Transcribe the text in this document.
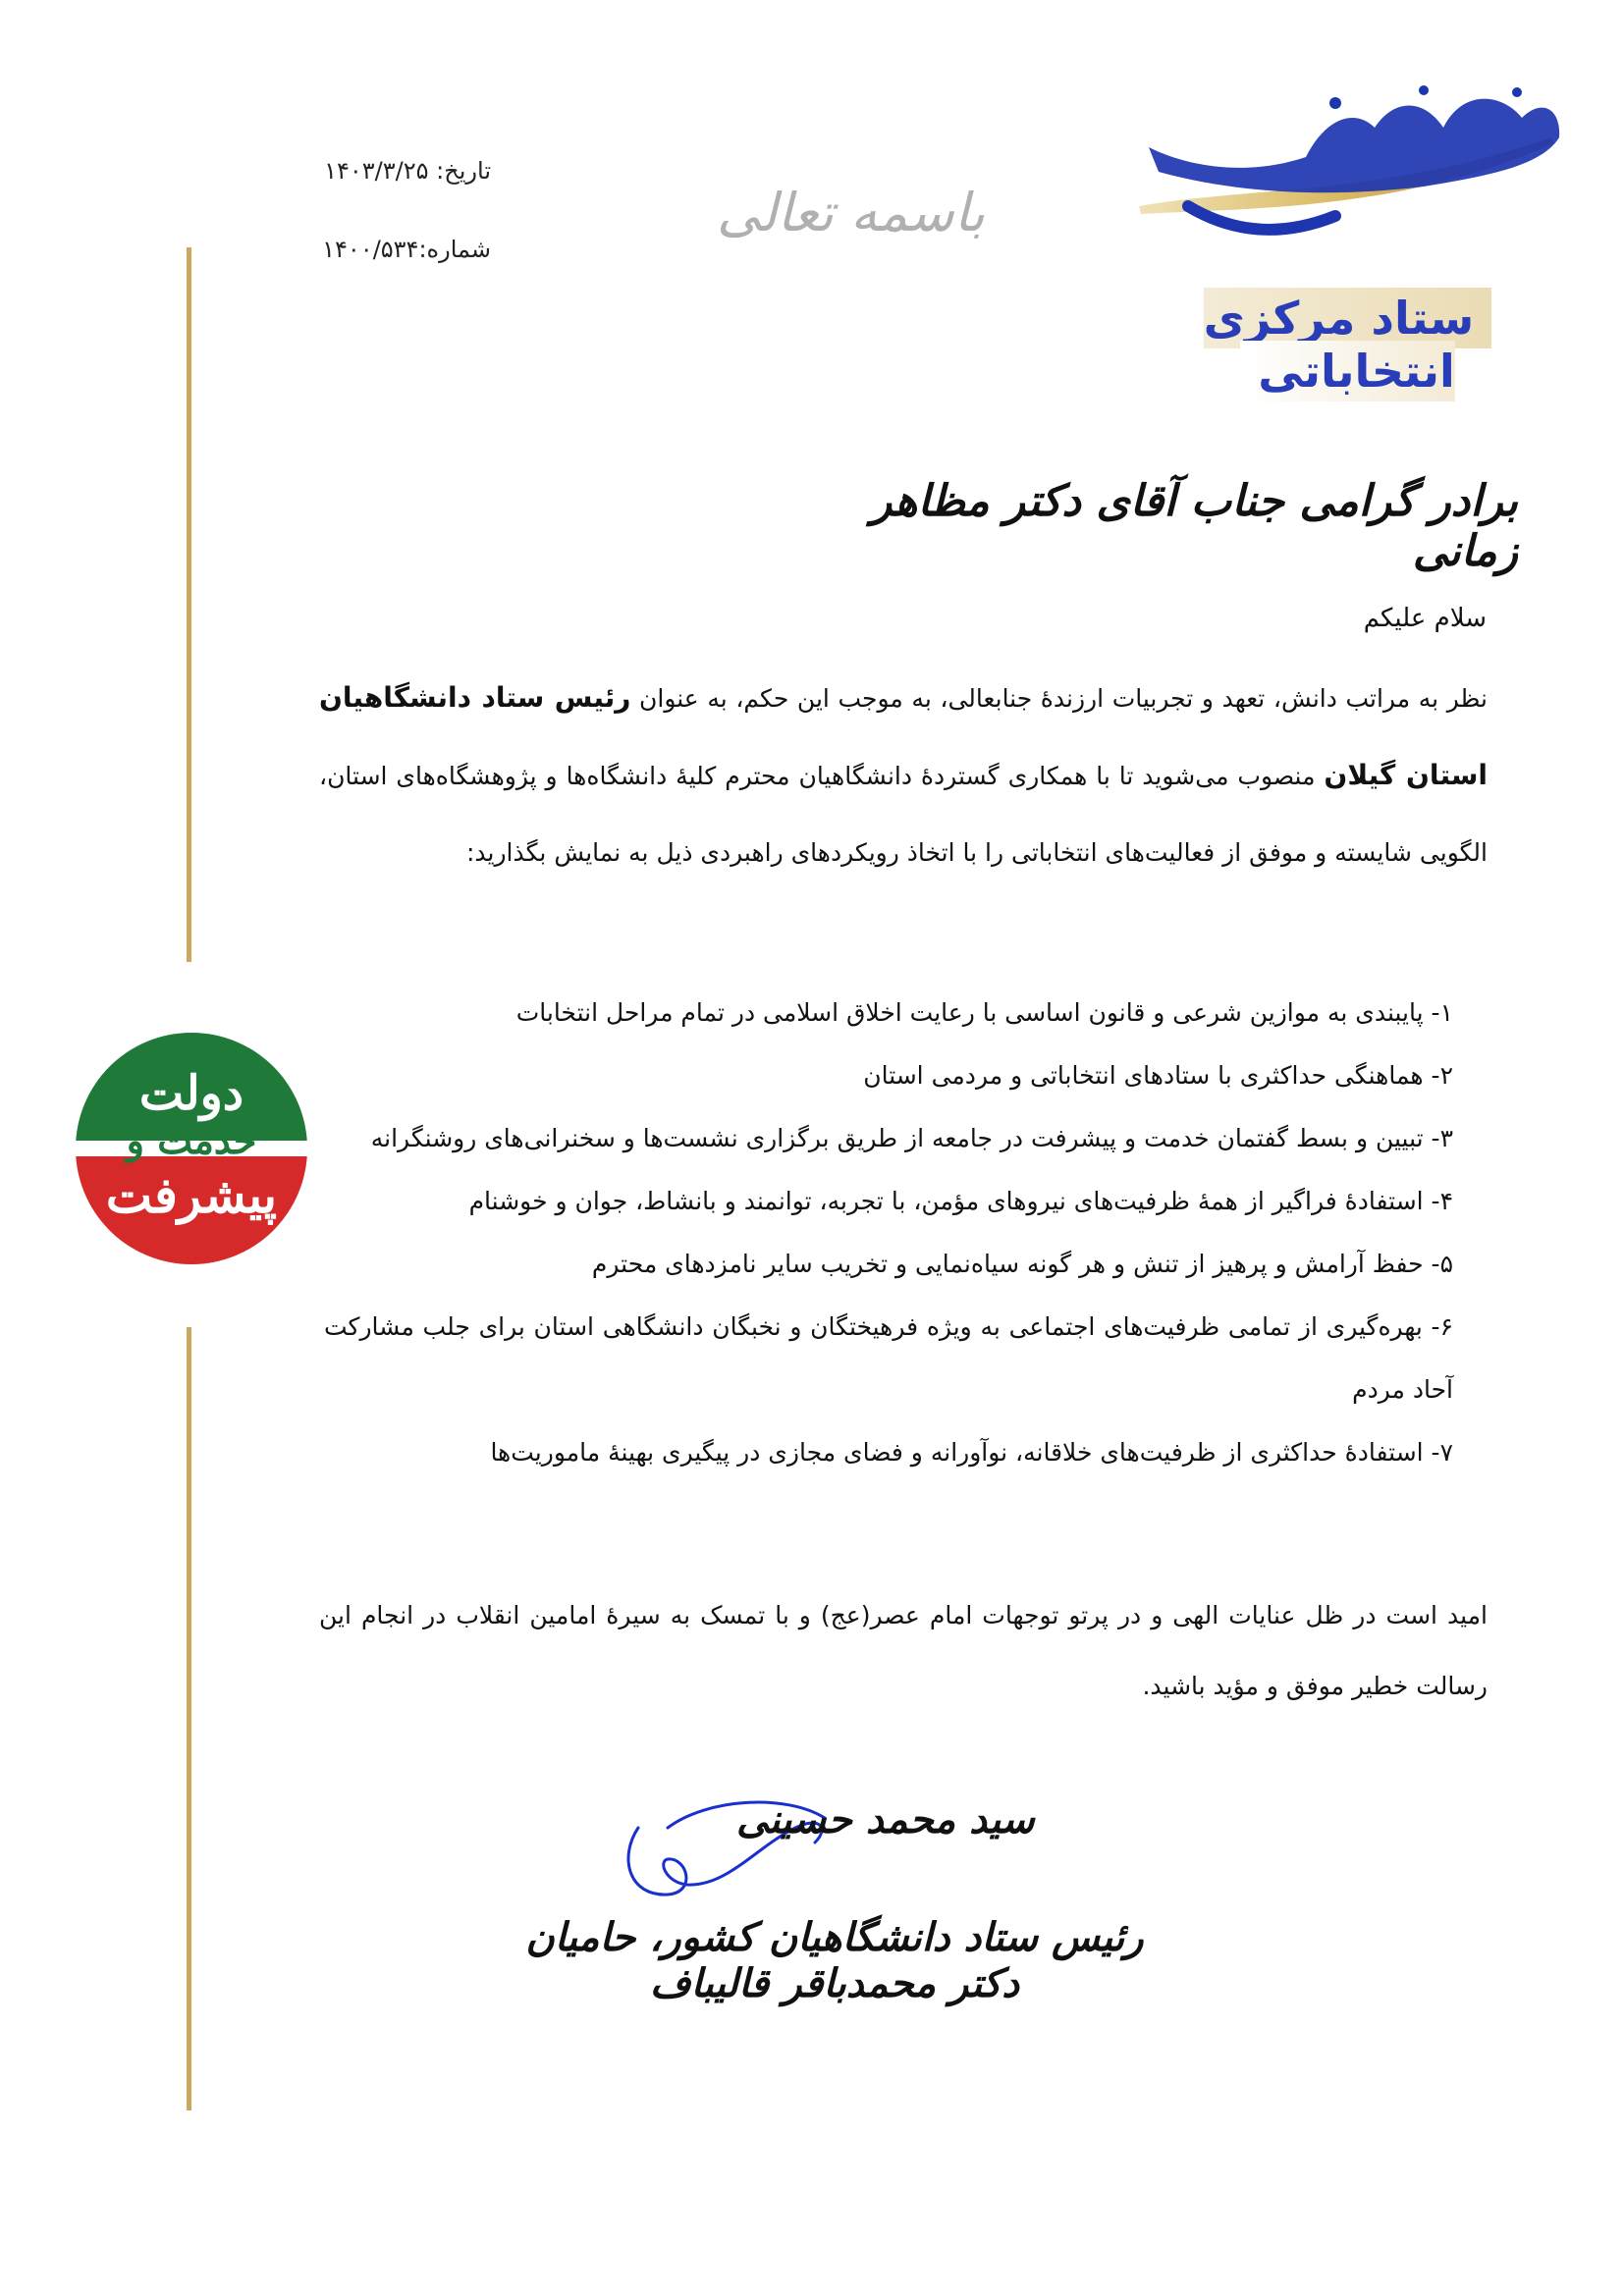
ستاد مرکزی انتخاباتی
تاریخ: ۱۴۰۳/۳/۲۵
شماره:۱۴۰۰/۵۳۴
باسمه تعالی
دولت
خدمت و
پیشرفت
برادر گرامی جناب آقای دکتر مظاهر زمانی
سلام علیکم
نظر به مراتب دانش، تعهد و تجربیات ارزندهٔ جنابعالی، به موجب این حکم، به عنوان رئیس ستاد دانشگاهیان استان گیلان منصوب می‌شوید تا با همکاری گستردهٔ دانشگاهیان محترم کلیهٔ دانشگاه‌ها و پژوهشگاه‌های استان، الگویی شایسته و موفق از فعالیت‌های انتخاباتی را با اتخاذ رویکردهای راهبردی ذیل به نمایش بگذارید:
۱- پایبندی به موازین شرعی و قانون اساسی با رعایت اخلاق اسلامی در تمام مراحل انتخابات
۲- هماهنگی حداکثری با ستادهای انتخاباتی و مردمی استان
۳- تبیین و بسط گفتمان خدمت و پیشرفت در جامعه از طریق برگزاری نشست‌ها و سخنرانی‌های روشنگرانه
۴- استفادهٔ فراگیر از همهٔ ظرفیت‌های نیروهای مؤمن، با تجربه، توانمند و بانشاط، جوان و خوشنام
۵- حفظ آرامش و پرهیز از تنش و هر گونه سیاه‌نمایی و تخریب سایر نامزدهای محترم
۶- بهره‌گیری از تمامی ظرفیت‌های اجتماعی به ویژه فرهیختگان و نخبگان دانشگاهی استان برای جلب مشارکت آحاد مردم
۷- استفادهٔ حداکثری از ظرفیت‌های خلاقانه، نوآورانه و فضای مجازی در پیگیری بهینهٔ ماموریت‌ها
امید است در ظل عنایات الهی و در پرتو توجهات امام عصر(عج) و با تمسک به سیرهٔ امامین انقلاب در انجام این رسالت خطیر موفق و مؤید باشید.
سید محمد حسینی
رئیس ستاد دانشگاهیان کشور، حامیان دکتر محمدباقر قالیباف
